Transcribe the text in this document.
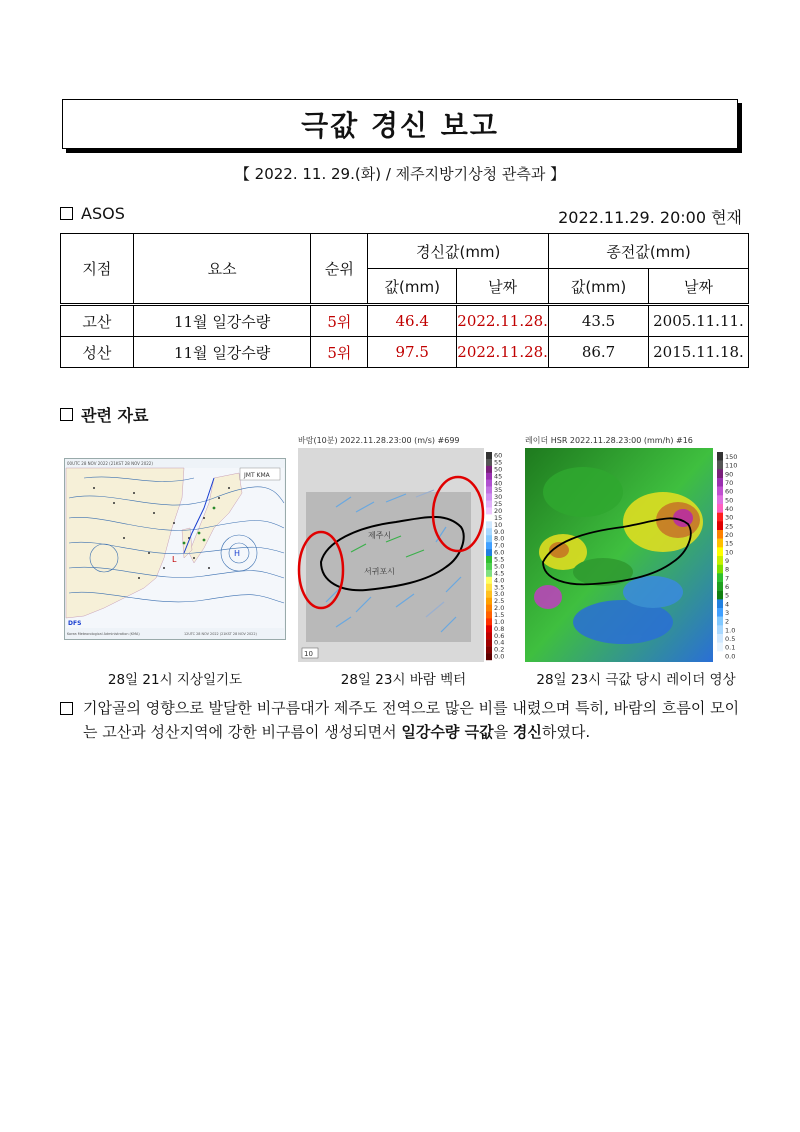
극값 경신 보고
【 2022. 11. 29.(화) / 제주지방기상청 관측과 】
ASOS	2022.11.29. 20:00 현재
지점	요소	순위	경신값(mm)		종전값(mm)	
			값(mm)	날짜	값(mm)	날짜
고산	11월 일강수량	5위	46.4	2022.11.28.	43.5	2005.11.11.
성산	11월 일강수량	5위	97.5	2022.11.28.	86.7	2015.11.18.
관련 자료
L
H
00UTC 28 NOV 2022 (21KST 28 NOV 2022)
JMT KMA
DFS
Korea Meteorological Administration (KMA)	12UTC 28 NOV 2022 (21KST 28 NOV 2022)
28일 21시 지상일기도
바람(10분) 2022.11.28.23:00 (m/s) #699
제주시
서귀포시
10
60
55
50
45
40
35
30
25
20
15
10
9.0
8.0
7.0
6.0
5.5
5.0
4.5
4.0
3.5
3.0
2.5
2.0
1.5
1.0
0.8
0.6
0.4
0.2
0.0
28일 23시 바람 벡터
레이더 HSR 2022.11.28.23:00 (mm/h) #16
150
110
90
70
60
50
40
30
25
20
15
10
9
8
7
6
5
4
3
2
1.0
0.5
0.1
0.0
28일 23시 극값 당시 레이더 영상
기압골의 영향으로 발달한 비구름대가 제주도 전역으로 많은 비를 내렸으며 특히, 바람의 흐름이 모이는 고산과 성산지역에 강한 비구름이 생성되면서 일강수량 극값을 경신하였다.
